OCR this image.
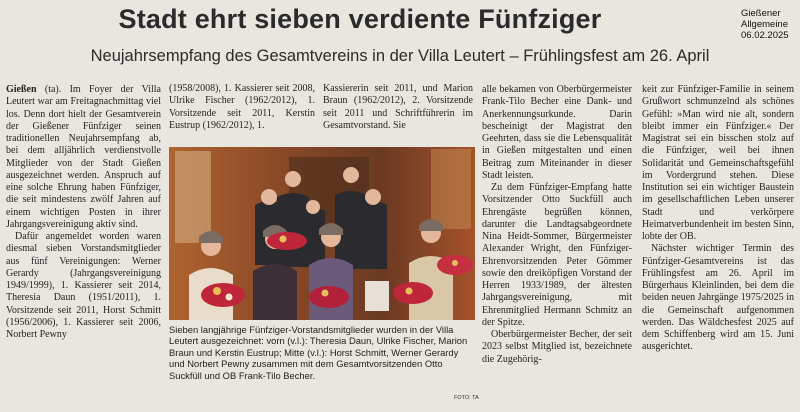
Stadt ehrt sieben verdiente Fünfziger	Gießener
Allgemeine
06.02.2025
Neujahrsempfang des Gesamtvereins in der Villa Leutert – Frühlingsfest am 26. April

Gießen (ta). Im Foyer der Villa Leutert war am Freitagnachmittag viel los. Denn dort hielt der Gesamtverein der Gießener Fünfziger seinen traditionellen Neujahrsempfang ab, bei dem alljährlich verdienstvolle Mitglieder von der Stadt Gießen ausgezeichnet werden. Anspruch auf eine solche Ehrung haben Fünfziger, die seit mindestens zwölf Jahren auf einem wichtigen Posten in ihrer Jahrgangsvereinigung aktiv sind.

Dafür angemeldet worden waren diesmal sieben Vorstandsmitglieder aus fünf Vereinigungen: Werner Gerardy (Jahrgangsvereinigung 1949/1999), 1. Kassierer seit 2014, Theresia Daun (1951/2011), 1. Vorsitzende seit 2011, Horst Schmitt (1956/2006), 1. Kassierer seit 2006, Norbert Pewny

(1958/2008), 1. Kassierer seit 2008, Ulrike Fischer (1962/2012), 1. Vorsitzende seit 2011, Kerstin Eustrup (1962/2012), 1.

Kassiererin seit 2011, und Marion Braun (1962/2012), 2. Vorsitzende seit 2011 und Schriftführerin im Gesamtvorstand. Sie

Sieben langjährige Fünfziger-Vorstandsmitglieder wurden in der Villa Leutert ausgezeichnet: vorn (v.l.): Theresia Daun, Ulrike Fischer, Marion Braun und Kerstin Eustrup; Mitte (v.l.): Horst Schmitt, Werner Gerardy und Norbert Pewny zusammen mit dem Gesamtvorsitzenden Otto Suckfüll und OB Frank-Tilo Becher.
FOTO: TA

alle bekamen von Oberbürgermeister Frank-Tilo Becher eine Dank- und Anerkennungsurkunde. Darin bescheinigt der Magistrat den Geehrten, dass sie die Lebensqualität in Gießen mitgestalten und einen Beitrag zum Miteinander in dieser Stadt leisten.

Zu dem Fünfziger-Empfang hatte Vorsitzender Otto Suckfüll auch Ehrengäste begrüßen können, darunter die Landtagsabgeordnete Nina Heidt-Sommer, Bürgermeister Alexander Wright, den Fünfziger-Ehrenvorsitzenden Peter Gömmer sowie den dreiköpfigen Vorstand der Herren 1933/1989, der ältesten Jahrgangsvereinigung, mit Ehrenmitglied Hermann Schmitz an der Spitze.

Oberbürgermeister Becher, der seit 2023 selbst Mitglied ist, bezeichnete die Zugehörig-

keit zur Fünfziger-Familie in seinem Grußwort schmunzelnd als schönes Gefühl: »Man wird nie alt, sondern bleibt immer ein Fünfziger.« Der Magistrat sei ein bisschen stolz auf die Fünfziger, weil bei ihnen Solidarität und Gemeinschaftsgefühl im Vordergrund stehen. Diese Institution sei ein wichtiger Baustein im gesellschaftlichen Leben unserer Stadt und verkörpere Heimatverbundenheit im besten Sinn, lobte der OB.

Nächster wichtiger Termin des Fünfziger-Gesamtvereins ist das Frühlingsfest am 26. April im Bürgerhaus Kleinlinden, bei dem die beiden neuen Jahrgänge 1975/2025 in die Gemeinschaft aufgenommen werden. Das Wäldchesfest 2025 auf dem Schiffenberg wird am 15. Juni ausgerichtet.
